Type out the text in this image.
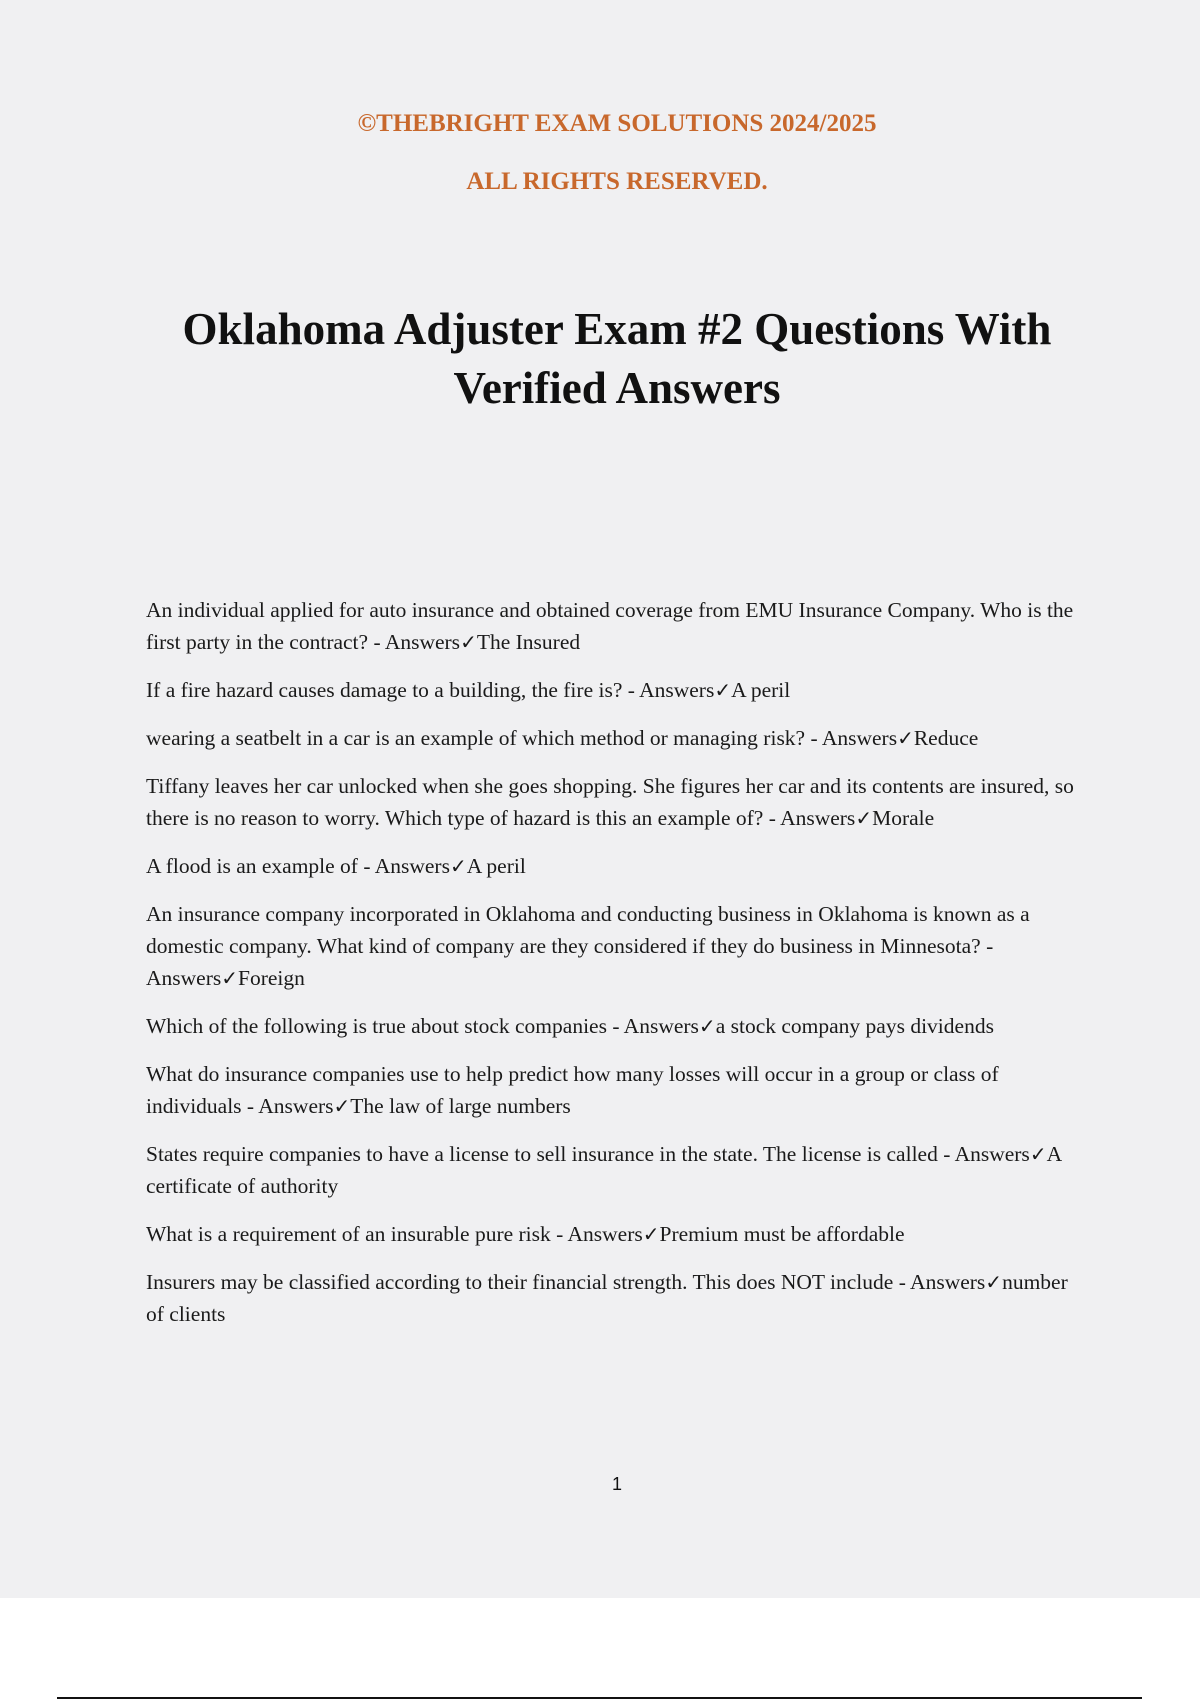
©THEBRIGHT EXAM SOLUTIONS 2024/2025
ALL RIGHTS RESERVED.
Oklahoma Adjuster Exam #2 Questions With Verified Answers

An individual applied for auto insurance and obtained coverage from EMU Insurance Company. Who is the first party in the contract? - Answers✓The Insured

If a fire hazard causes damage to a building, the fire is? - Answers✓A peril

wearing a seatbelt in a car is an example of which method or managing risk? - Answers✓Reduce

Tiffany leaves her car unlocked when she goes shopping. She figures her car and its contents are insured, so there is no reason to worry. Which type of hazard is this an example of? - Answers✓Morale

A flood is an example of - Answers✓A peril

An insurance company incorporated in Oklahoma and conducting business in Oklahoma is known as a domestic company. What kind of company are they considered if they do business in Minnesota? - Answers✓Foreign

Which of the following is true about stock companies - Answers✓a stock company pays dividends

What do insurance companies use to help predict how many losses will occur in a group or class of individuals - Answers✓The law of large numbers

States require companies to have a license to sell insurance in the state. The license is called - Answers✓A certificate of authority

What is a requirement of an insurable pure risk - Answers✓Premium must be affordable

Insurers may be classified according to their financial strength. This does NOT include - Answers✓number of clients

1
